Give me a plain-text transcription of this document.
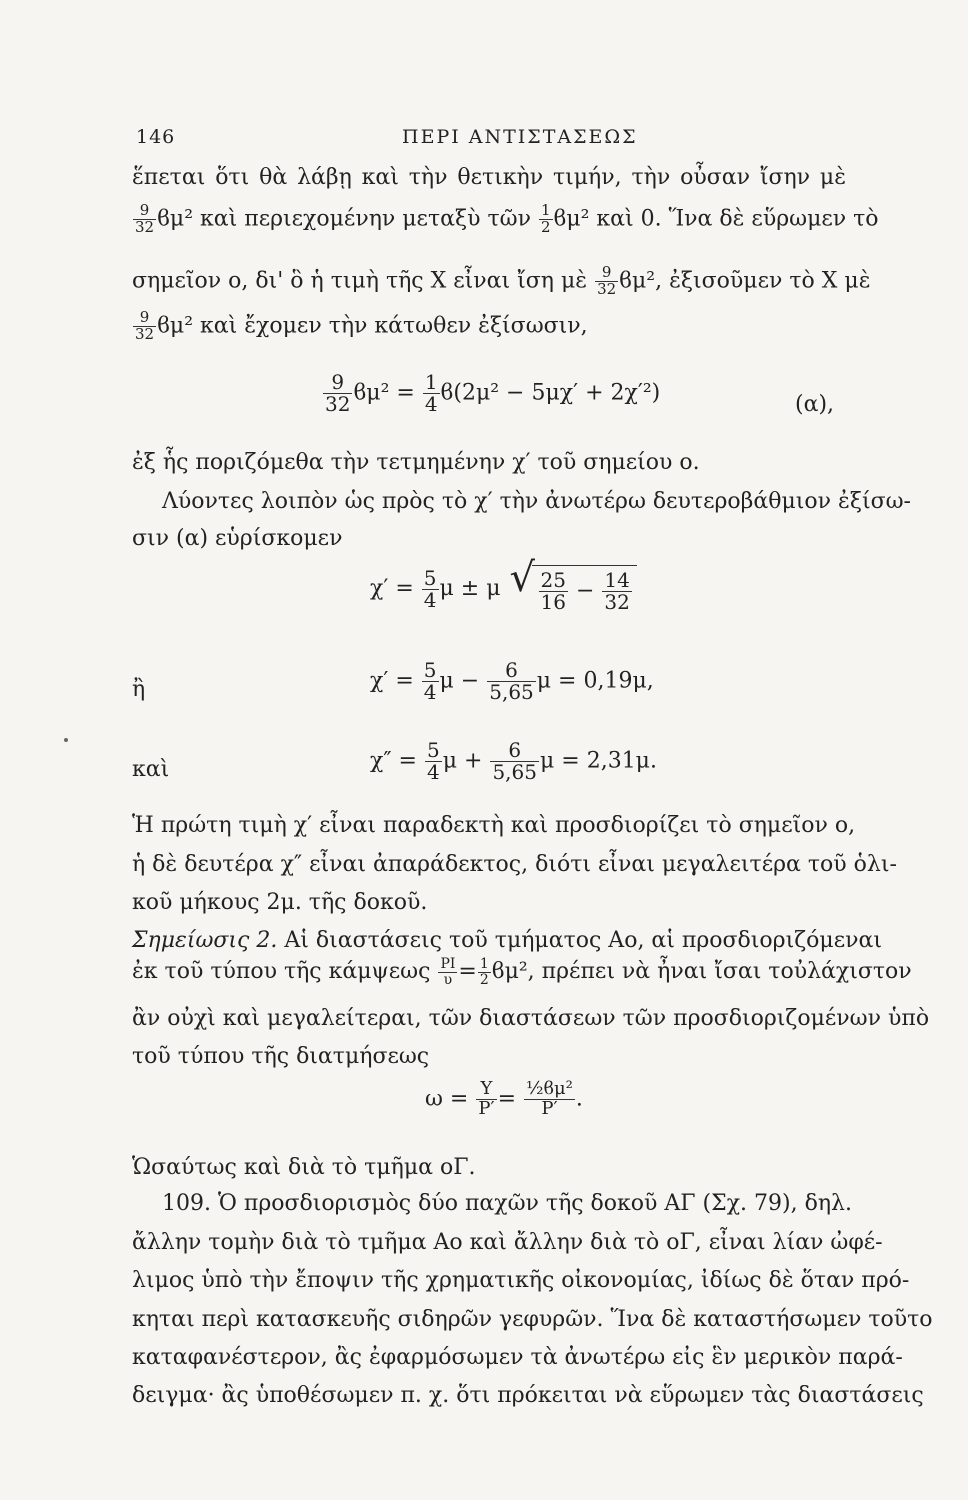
146	ΠΕΡΙ ΑΝΤΙΣΤΑΣΕΩΣ
ἕπεται ὅτι θὰ λάβῃ καὶ τὴν θετικὴν τιμήν, τὴν οὖσαν ἴσην μὲ
$\frac{9}{32} ϐ\mu^2$ καὶ περιεχομένην μεταξὺ τῶν $\frac{1}{2} ϐ\mu^2$ καὶ 0. Ἵνα δὲ εὕρωμεν τὸ
σημεῖον ο, δι' ὃ ἡ τιμὴ τῆς Χ εἶναι ἴση μὲ $\frac{9}{32} ϐ\mu^2$, ἐξισοῦμεν τὸ Χ μὲ
$\frac{9}{32} ϐ\mu^2$ καὶ ἔχομεν τὴν κάτωθεν ἐξίσωσιν,
$\frac{9}{32} ϐ\mu^2 = \frac{1}{4} ϐ(2\mu^2 - 5\mu\chi' + 2\chi'^2)$	(α),
ἐξ ἧς ποριζόμεθα τὴν τετμημένην χ′ τοῦ σημείου ο.
Λύοντες λοιπὸν ὡς πρὸς τὸ χ′ τὴν ἀνωτέρω δευτεροβάθμιον ἐξίσω-
σιν (α) εὑρίσκομεν
$\chi' = \frac{5}{4}$ μ ± μ
√ $\frac{25}{16} - \frac{14}{32}$
ἢ	$\chi' = \frac{5}{4}$ $\mu - \frac{6}{5,65}$ μ = 0,19μ,
καὶ	$\chi'' = \frac{5}{4}$ $\mu + \frac{6}{5,65}$ μ = 2,31μ.
Ἡ πρώτη τιμὴ χ′ εἶναι παραδεκτὴ καὶ προσδιορίζει τὸ σημεῖον ο,
ἡ δὲ δευτέρα χ″ εἶναι ἀπαράδεκτος, διότι εἶναι μεγαλειτέρα τοῦ ὁλι-
κοῦ μήκους 2μ. τῆς δοκοῦ.
Σημείωσις 2. Αἱ διαστάσεις τοῦ τμήματος Αο, αἱ προσδιοριζόμεναι
ἐκ τοῦ τύπου τῆς κάμψεως $\frac{PI}{\upsilon} = \frac{1}{2} ϐ\mu^2$, πρέπει νὰ ἦναι ἴσαι τοὐλάχιστον
ἂν οὐχὶ καὶ μεγαλείτεραι, τῶν διαστάσεων τῶν προσδιοριζομένων ὑπὸ
τοῦ τύπου τῆς διατμήσεως
$\omega = \frac{\Upsilon}{P'} = \frac{\text{½ϐμ²}}{P'}$ .
Ὡσαύτως καὶ διὰ τὸ τμῆμα οΓ.
109. Ὁ προσδιορισμὸς δύο παχῶν τῆς δοκοῦ ΑΓ (Σχ. 79), δηλ.
ἄλλην τομὴν διὰ τὸ τμῆμα Αο καὶ ἄλλην διὰ τὸ οΓ, εἶναι λίαν ὠφέ-
λιμος ὑπὸ τὴν ἔποψιν τῆς χρηματικῆς οἰκονομίας, ἰδίως δὲ ὅταν πρό-
κηται περὶ κατασκευῆς σιδηρῶν γεφυρῶν. Ἵνα δὲ καταστήσωμεν τοῦτο
καταφανέστερον, ἂς ἐφαρμόσωμεν τὰ ἀνωτέρω εἰς ἓν μερικὸν παρά-
δειγμα· ἂς ὑποθέσωμεν π. χ. ὅτι πρόκειται νὰ εὕρωμεν τὰς διαστάσεις
